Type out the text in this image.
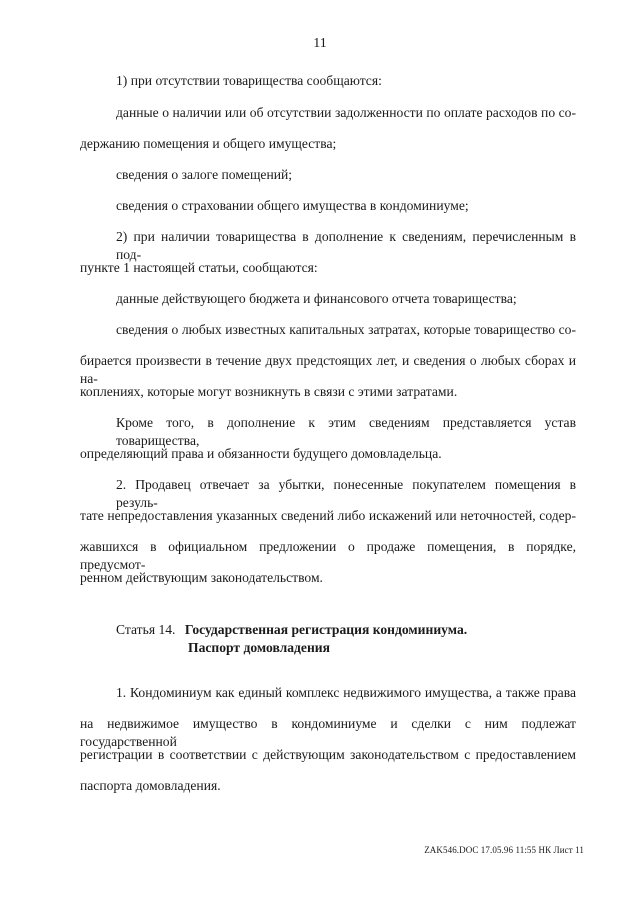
11
1) при отсутствии товарищества сообщаются:
данные о наличии или об отсутствии задолженности по оплате расходов по со-
держанию помещения и общего имущества;
сведения о залоге помещений;
сведения о страховании общего имущества в кондоминиуме;
2) при наличии товарищества в дополнение к сведениям, перечисленным в под-
пункте 1 настоящей статьи, сообщаются:
данные действующего бюджета и финансового отчета товарищества;
сведения о любых известных капитальных затратах, которые товарищество со-
бирается произвести в течение двух предстоящих лет, и сведения о любых сборах и на-
коплениях, которые могут возникнуть в связи с этими затратами.
Кроме того, в дополнение к этим сведениям представляется устав товарищества,
определяющий права и обязанности будущего домовладельца.
2. Продавец отвечает за убытки, понесенные покупателем помещения в резуль-
тате непредоставления указанных сведений либо искажений или неточностей, содер-
жавшихся в официальном предложении о продаже помещения, в порядке, предусмот-
ренном действующим законодательством.
Статья 14. Государственная регистрация кондоминиума.
Паспорт домовладения
1. Кондоминиум как единый комплекс недвижимого имущества, а также права
на недвижимое имущество в кондоминиуме и сделки с ним подлежат государственной
регистрации в соответствии с действующим законодательством с предоставлением
паспорта домовладения.
ZAK546.DOC 17.05.96 11:55 НК Лист 11
